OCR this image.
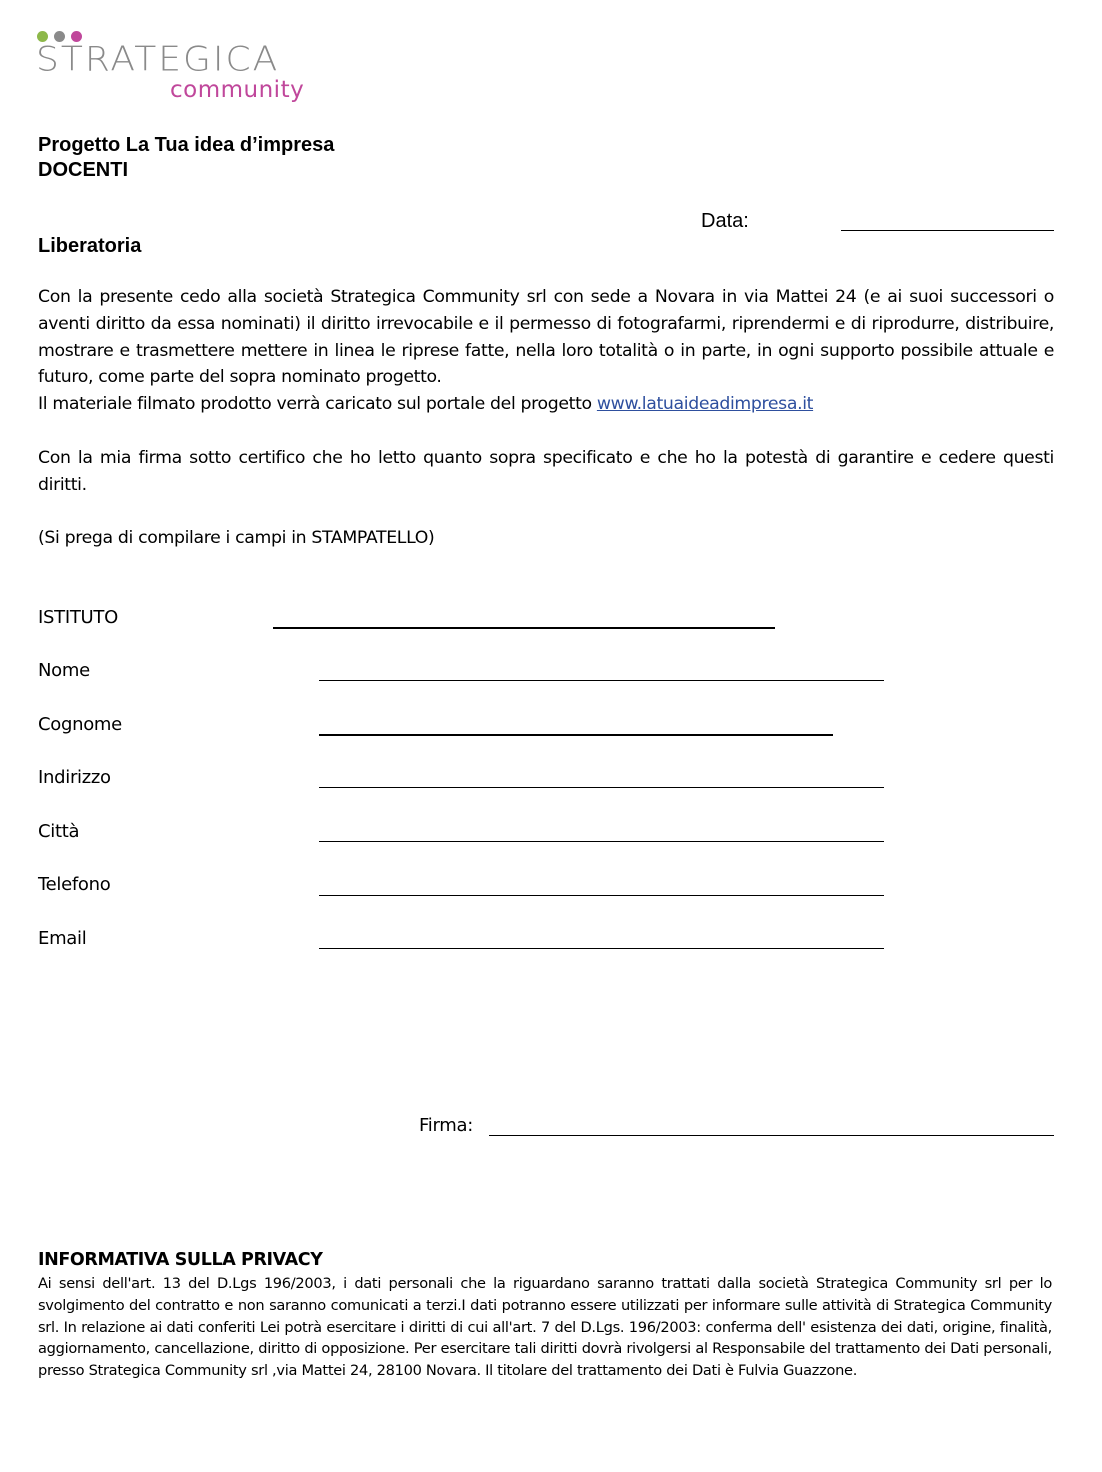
STRATEGICA
community
Progetto La Tua idea d’impresa
DOCENTI
Data:
Liberatoria

Con la presente cedo alla società Strategica Community srl con sede a Novara in via Mattei 24 (e ai suoi successori o aventi diritto da essa nominati) il diritto irrevocabile e il permesso di fotografarmi, riprendermi e di riprodurre, distribuire, mostrare e trasmettere mettere in linea le riprese fatte, nella loro totalità o in parte, in ogni supporto possibile attuale e futuro, come parte del sopra nominato progetto.
Il materiale filmato prodotto verrà caricato sul portale del progetto www.latuaideadimpresa.it

Con la mia firma sotto certifico che ho letto quanto sopra specificato e che ho la potestà di garantire e cedere questi diritti.

(Si prega di compilare i campi in STAMPATELLO)

ISTITUTO
Nome
Cognome
Indirizzo
Città
Telefono
Email
Firma:
INFORMATIVA SULLA PRIVACY

Ai sensi dell'art. 13 del D.Lgs 196/2003, i dati personali che la riguardano saranno trattati dalla società Strategica Community srl per lo svolgimento del contratto e non saranno comunicati a terzi.I dati potranno essere utilizzati per informare sulle attività di Strategica Community srl. In relazione ai dati conferiti Lei potrà esercitare i diritti di cui all'art. 7 del D.Lgs. 196/2003: conferma dell' esistenza dei dati, origine, finalità, aggiornamento, cancellazione, diritto di opposizione. Per esercitare tali diritti dovrà rivolgersi al Responsabile del trattamento dei Dati personali, presso Strategica Community srl ,via Mattei 24, 28100 Novara. Il titolare del trattamento dei Dati è Fulvia Guazzone.
